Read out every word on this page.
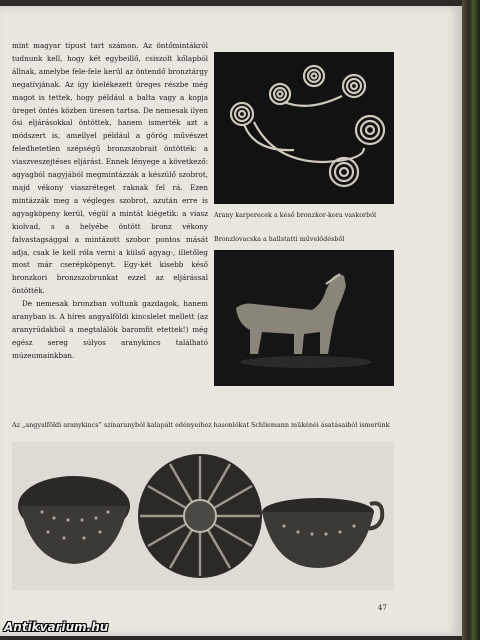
mint magyar típust tart számon. Az öntőmintákról tudnunk kell, hogy két egybeillő, csiszolt kőlapból állnak, amelybe fele-fele kerül az öntendő bronztárgy negatívjának. Az így kielékezett üreges részbe még magot is tettek, hogy például a balta vagy a kopja üreget öntés közben üresen tartsa. De nemesak ilyen ősi eljárásokkal öntöttek, hanem ismerték azt a módszert is, amellyel például a görög művészet feledhetetlen szépségű bronzszobrait öntötték: a viaszveszejtéses eljárást. Ennek lényege a következő: agyagból nagyjából megmintázzák a készülő szobrot, majd vékony viaszréteget raknak fel rá. Ezen mintázzák meg a végleges szobrot, azután erre is agyagköpeny kerül, végül a mintát kiégetik: a viasz kiolvad, s a helyébe öntött bronz vékony falvastagsággal a mintázott szobor pontos mását adja, csak le kell róla verni a külső agyag-, illetőleg most már cserépköpenyt. Egy-két kisebb késő bronzkori bronzszobrunkat ezzel az eljárással öntötték.

De nemesak bronzban voltunk gazdagok, hanem aranyban is. A híres angyalföldi kincslelet mellett (az aranyrúdakból a megtalálók baromfit etettek!) még egész sereg súlyos aranykincs található múzeumainkban.

Arany karperecek a késő bronzkor-kora vaskorból

Bronzlovacska a hallstatti művelődésből

Az „angyalföldi aranykincs” színaranyból kalapált edényeihez hasonlókat Schliemann mükénéi ásatásaiból ismerünk

47
Antikvarium.hu
